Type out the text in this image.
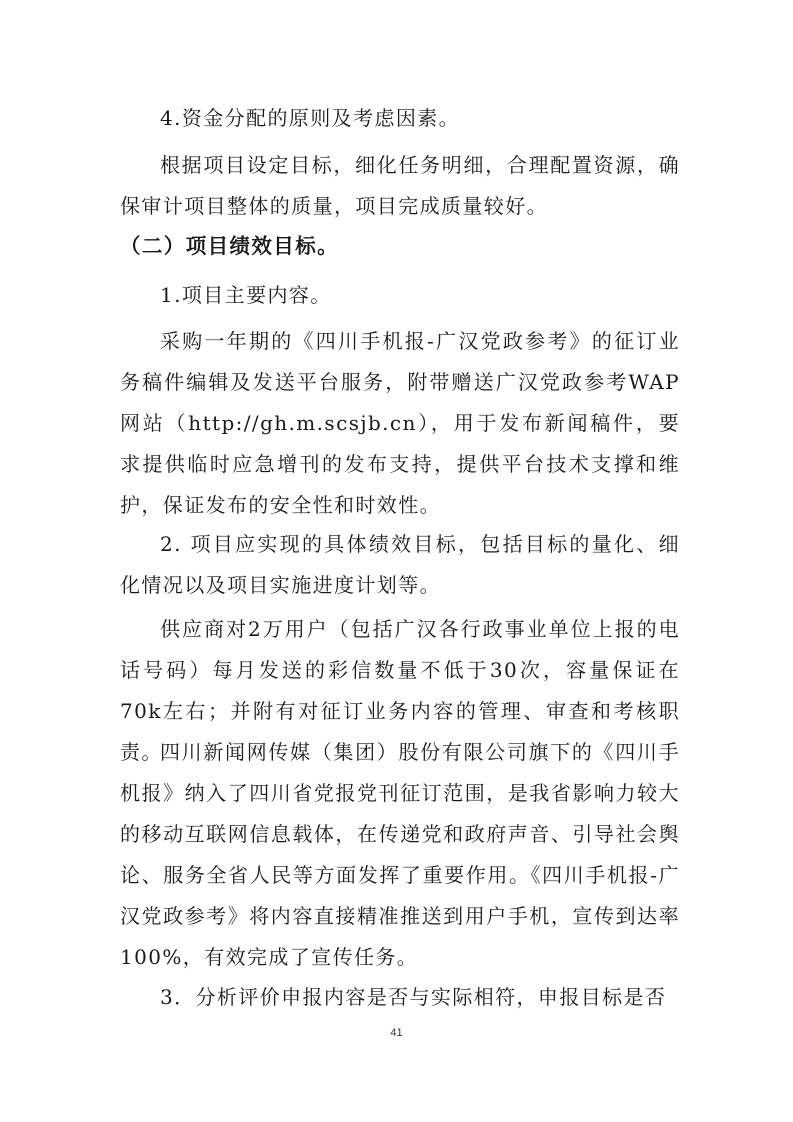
4.资金分配的原则及考虑因素。

根据项目设定目标，细化任务明细，合理配置资源，确保审计项目整体的质量，项目完成质量较好。

（二）项目绩效目标。

1.项目主要内容。

采购一年期的《四川手机报-广汉党政参考》的征订业务稿件编辑及发送平台服务，附带赠送广汉党政参考WAP网站（http://gh.m.scsjb.cn），用于发布新闻稿件，要求提供临时应急增刊的发布支持，提供平台技术支撑和维护，保证发布的安全性和时效性。

2. 项目应实现的具体绩效目标，包括目标的量化、细化情况以及项目实施进度计划等。

供应商对2万用户（包括广汉各行政事业单位上报的电话号码）每月发送的彩信数量不低于30次，容量保证在70k左右；并附有对征订业务内容的管理、审查和考核职责。

四川新闻网传媒（集团）股份有限公司旗下的《四川手机报》纳入了四川省党报党刊征订范围，是我省影响力较大的移动互联网信息载体，在传递党和政府声音、引导社会舆论、服务全省人民等方面发挥了重要作用。《四川手机报-广汉党政参考》将内容直接精准推送到用户手机，宣传到达率100%，有效完成了宣传任务。

3．分析评价申报内容是否与实际相符，申报目标是否

41
